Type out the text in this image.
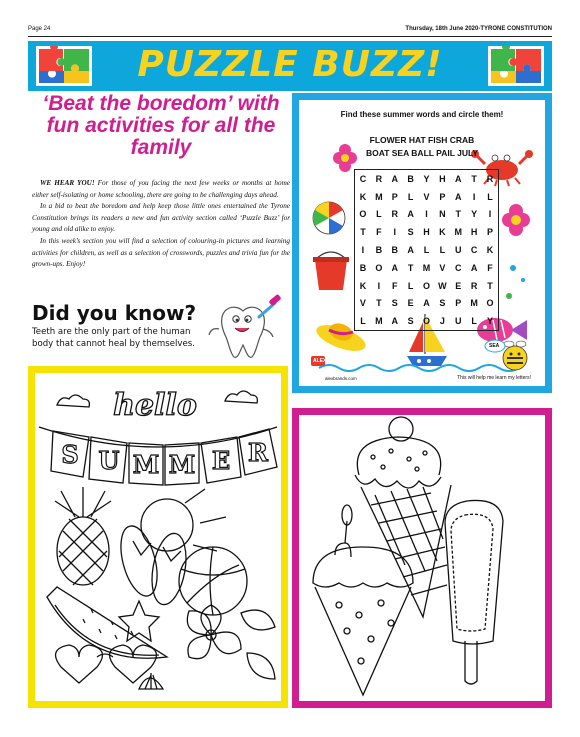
Page 24	Thursday, 18th June 2020-TYRONE CONSTITUTION
PUZZLE BUZZ!
‘Beat the boredom’ with fun activities for all the family

WE HEAR YOU! For those of you facing the next few weeks or months at home either self-isolating or home schooling, there are going to be challenging days ahead.

In a bid to beat the boredom and help keep those little ones entertained the Tyrone Constitution brings its readers a new and fun activity section called ‘Puzzle Buzz’ for young and old alike to enjoy.

In this week’s section you will find a selection of colouring-in pictures and learning activities for children, as well as a selection of crosswords, puzzles and trivia fun for the grown-ups. Enjoy!

Did you know?
Teeth are the only part of the human body that cannot heal by themselves.
Find these summer words and circle them!
FLOWER HAT FISH CRAB
BOAT SEA BALL PAIL JULY
C	R	A	B	Y	H	A	T	R
K M	P	L	V	P	A	I	L
O	L	R	A	I	N	T	Y	I
T	F	I	S	H	K M H	P
I	B	B	A	L	L	U	C	K
B	O	A	T	M	V	C	A	F
K	I	F	L	O W E	R	T
V	T	S	E	A	S	P	M O
L	M A	S	O	J	U	L	Y
alexbrands.com	This will help me learn my letters!
ALEX
SEA
S U M M E R
hello
